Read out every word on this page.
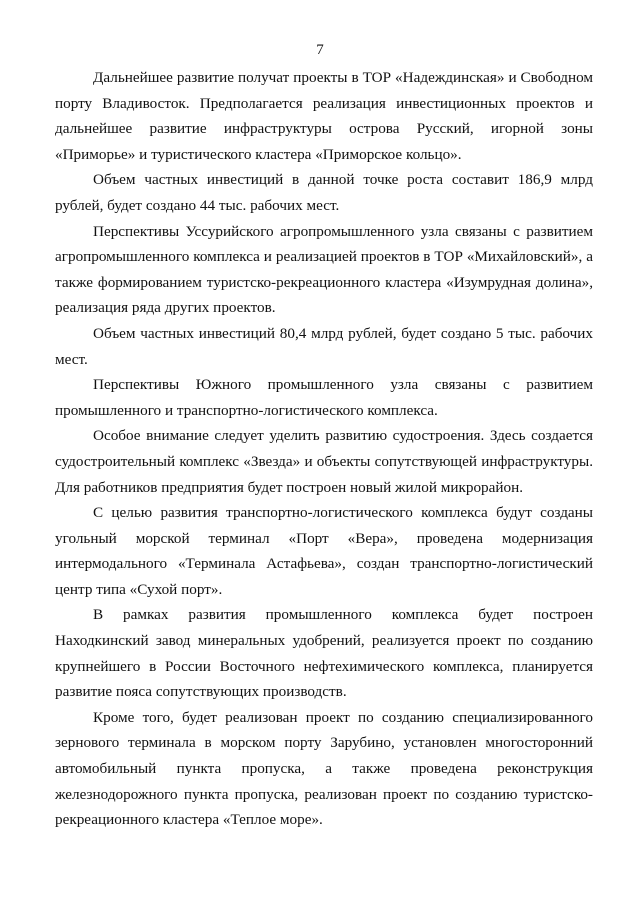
7

Дальнейшее развитие получат проекты в ТОР «Надеждинская» и Свободном порту Владивосток. Предполагается реализация инвестиционных проектов и дальнейшее развитие инфраструктуры острова Русский, игорной зоны «Приморье» и туристического кластера «Приморское кольцо».

Объем частных инвестиций в данной точке роста составит 186,9 млрд рублей, будет создано 44 тыс. рабочих мест.

Перспективы Уссурийского агропромышленного узла связаны с развитием агропромышленного комплекса и реализацией проектов в ТОР «Михайловский», а также формированием туристско-рекреационного кластера «Изумрудная долина», реализация ряда других проектов.

Объем частных инвестиций 80,4 млрд рублей, будет создано 5 тыс. рабочих мест.

Перспективы Южного промышленного узла связаны с развитием промышленного и транспортно-логистического комплекса.

Особое внимание следует уделить развитию судостроения. Здесь создается судостроительный комплекс «Звезда» и объекты сопутствующей инфраструктуры. Для работников предприятия будет построен новый жилой микрорайон.

С целью развития транспортно-логистического комплекса будут созданы угольный морской терминал «Порт «Вера», проведена модернизация интермодального «Терминала Астафьева», создан транспортно-логистический центр типа «Сухой порт».

В рамках развития промышленного комплекса будет построен Находкинский завод минеральных удобрений, реализуется проект по созданию крупнейшего в России Восточного нефтехимического комплекса, планируется развитие пояса сопутствующих производств.

Кроме того, будет реализован проект по созданию специализированного зернового терминала в морском порту Зарубино, установлен многосторонний автомобильный пункта пропуска, а также проведена реконструкция железнодорожного пункта пропуска, реализован проект по созданию туристско-рекреационного кластера «Теплое море».
